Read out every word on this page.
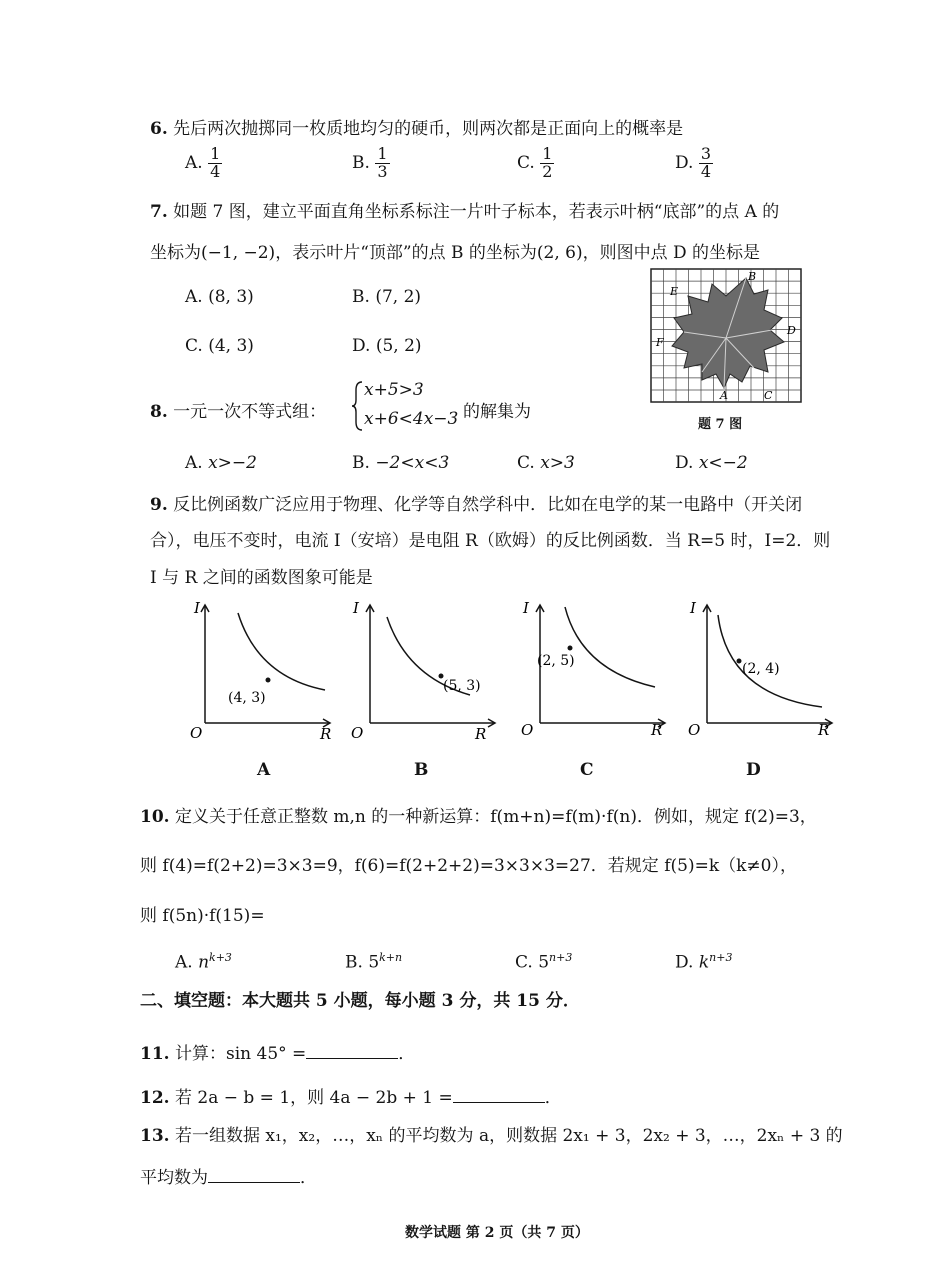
6. 先后两次抛掷同一枚质地均匀的硬币，则两次都是正面向上的概率是
A. $\frac{1}{4}$	B. $\frac{1}{3}$	C. $\frac{1}{2}$	D. $\frac{3}{4}$
7. 如题 7 图，建立平面直角坐标系标注一片叶子标本，若表示叶柄“底部”的点 A 的
坐标为(−1, −2)，表示叶片“顶部”的点 B 的坐标为(2, 6)，则图中点 D 的坐标是
A. (8, 3)	B. (7, 2)
C. (4, 3)	D. (5, 2)
B
E
D
F
A	C
题 7 图
8. 一元一次不等式组：
x+5>3
x+6<4x−3 的解集为
A. x>−2	B. −2<x<3	C. x>3	D. x<−2
9. 反比例函数广泛应用于物理、化学等自然学科中．比如在电学的某一电路中（开关闭
合），电压不变时，电流 I（安培）是电阻 R（欧姆）的反比例函数．当 R=5 时，I=2．则
I 与 R 之间的函数图象可能是
(4, 3)
I
R
O
(5, 3)
I
R
O
(2, 5)
I
R
O
(2, 4)
I
R
O
A	B	C	D
10. 定义关于任意正整数 m,n 的一种新运算：f(m+n)=f(m)·f(n)．例如，规定 f(2)=3，
则 f(4)=f(2+2)=3×3=9，f(6)=f(2+2+2)=3×3×3=27．若规定 f(5)=k（k≠0），
则 f(5n)·f(15)=
A. $n^{k+3}$	B. $5^{k+n}$	C. $5^{n+3}$	D. $k^{n+3}$
二、填空题：本大题共 5 小题，每小题 3 分，共 15 分．
11. 计算：sin 45° =	．
12. 若 2a − b = 1，则 4a − 2b + 1 =	．
13. 若一组数据 x₁，x₂，…，xₙ 的平均数为 a，则数据 2x₁ + 3，2x₂ + 3，…，2xₙ + 3 的
平均数为	．
数学试题 第 2 页（共 7 页）
